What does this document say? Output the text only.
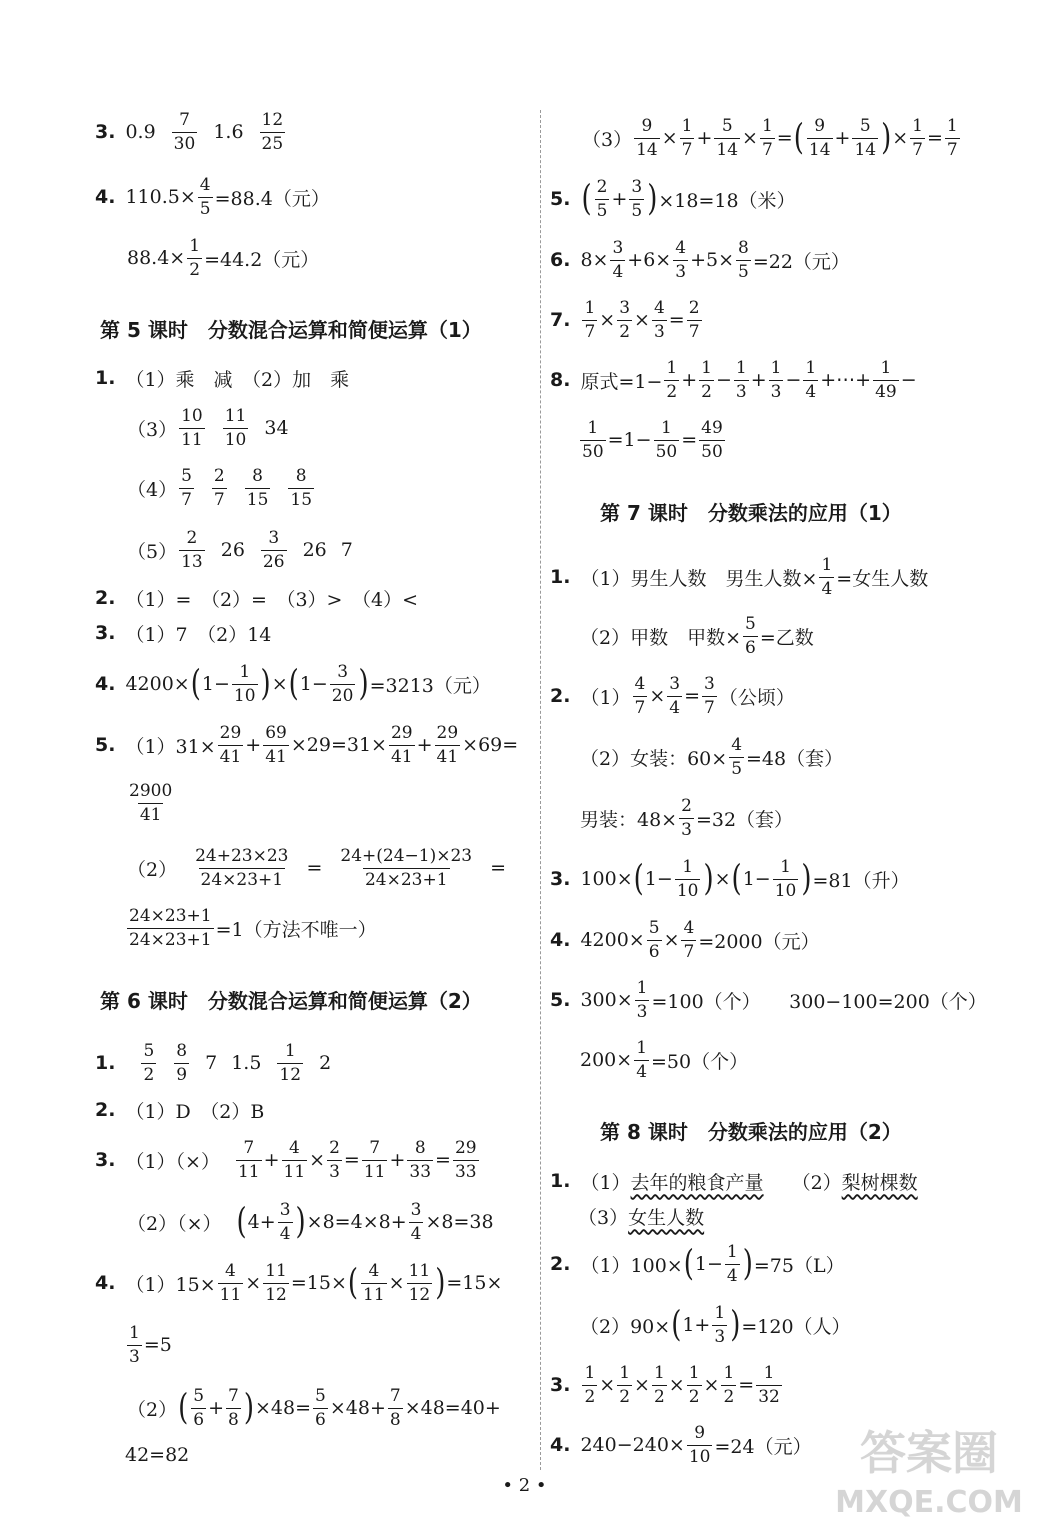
3. 0.9
7
30
1.6
12
25
4. $110.5\times \frac{4}{5} =88.4$（元）
$88.4\times \frac{1}{2} =44.2$（元）
第 5 课时　分数混合运算和简便运算（1）
1. （1）乘　减　（2）加　乘
（3）
10
11
11
10
34
（4）
5
7
2
7
8
15
8
15
（5）
2
13
26
3
26
26 7
2. （1）=　（2）=　（3）>　（4）<
3. （1）7　（2）14
4. 4200× ( $1- \frac{1}{10}$ ) × ( $1- \frac{3}{20}$ ) =3213（元）
5. $(1)31\times \frac{29}{41} + \frac{69}{41} \times 29=31\times \frac{29}{41} + \frac{29}{41} \times 69=$
2900
41
（2）
24+23×23
24×23+1
=
24+(24−1)×23
24×23+1
=
$\frac{24\times 23+1}{24\times 23+1} =1$（方法不唯一）
第 6 课时　分数混合运算和简便运算（2）
1.
5
2
8
9
7 1.5
1
12
2
2. （1）D　（2）B
3. （1）（×）
7
11
+ $\frac{4}{11} \times \frac{2}{3} = \frac{7}{11} + \frac{8}{33} = \frac{29}{33}$
（2）（×） ( $4+ \frac{3}{4}$ ) $\times 8=4\times 8+ \frac{3}{4} \times 8=38$
4. $(1)15\times \frac{4}{11} \times \frac{11}{12} =15\times$ ( $\frac{4}{11} \times \frac{11}{12}$ ) =15×
$\frac{1}{3} =5$
（2） ( 5
6
+ $\frac{7}{8}$ ) $\times 48= \frac{5}{6} \times 48+ \frac{7}{8} \times 48=40+$
42=82
$(3) \frac{9}{14} \times \frac{1}{7} + \frac{5}{14} \times \frac{1}{7}$ = ( 9
14
+ $\frac{5}{14}$ ) × $\frac{1}{7} = \frac{1}{7}$
5. ( 2
5
+ $\frac{3}{5}$ ) ×18=18（米）
6. $8\times \frac{3}{4} +6\times \frac{4}{3} +5\times \frac{8}{5} =22$（元）
7. $\frac{1}{7} \times \frac{3}{2} \times \frac{4}{3} = \frac{2}{7}$
8. 原式$=1- \frac{1}{2} + \frac{1}{2} - \frac{1}{3} + \frac{1}{3} - \frac{1}{4}$ +⋯+ $\frac{1}{49}$ −
$\frac{1}{50} =1- \frac{1}{50} = \frac{49}{50}$
第 7 课时　分数乘法的应用（1）
1. （1）男生人数　男生人数× $\frac{1}{4}$ =女生人数
（2）甲数　甲数× $\frac{5}{6}$ =乙数
2. $(1) \frac{4}{7} \times \frac{3}{4} = \frac{3}{7}$ （公顷）
（2）女装：$60\times \frac{4}{5} =48$（套）
男装：$48\times \frac{2}{3} =32$（套）
3. 100× ( $1- \frac{1}{10}$ ) × ( $1- \frac{1}{10}$ ) =81（升）
4. $4200\times \frac{5}{6} \times \frac{4}{7} =2000$（元）
5. $300\times \frac{1}{3} =100$（个）　　300−100=200（个）
$200\times \frac{1}{4} =50$（个）
第 8 课时　分数乘法的应用（2）
1. （1） 去年的粮食产量 （2） 梨树棵数
（3） 女生人数
2. （1）100× ( $1- \frac{1}{4}$ ) =75（L）
（2）90× ( $1+ \frac{1}{3}$ ) =120（人）
3. $\frac{1}{2} \times \frac{1}{2} \times \frac{1}{2} \times \frac{1}{2} \times \frac{1}{2} = \frac{1}{32}$
4. $240-240\times \frac{9}{10} =24$（元）
• 2 •
答案圈
MXQE.COM
